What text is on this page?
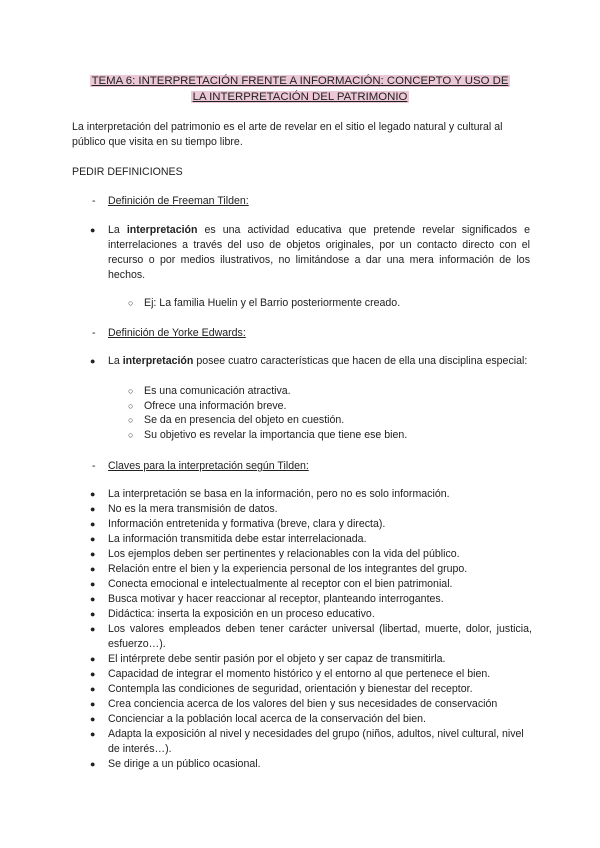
TEMA 6: INTERPRETACIÓN FRENTE A INFORMACIÓN: CONCEPTO Y USO DE
LA INTERPRETACIÓN DEL PATRIMONIO
La interpretación del patrimonio es el arte de revelar en el sitio el legado natural y cultural al público que visita en su tiempo libre.
PEDIR DEFINICIONES
- Definición de Freeman Tilden:
● La interpretación es una actividad educativa que pretende revelar significados e interrelaciones a través del uso de objetos originales, por un contacto directo con el recurso o por medios ilustrativos, no limitándose a dar una mera información de los hechos.
○ Ej: La familia Huelin y el Barrio posteriormente creado.
- Definición de Yorke Edwards:
● La interpretación posee cuatro características que hacen de ella una disciplina especial:
○ Es una comunicación atractiva.
○ Ofrece una información breve.
○ Se da en presencia del objeto en cuestión.
○ Su objetivo es revelar la importancia que tiene ese bien.
- Claves para la interpretación según Tilden:
● La interpretación se basa en la información, pero no es solo información.
● No es la mera transmisión de datos.
● Información entretenida y formativa (breve, clara y directa).
● La información transmitida debe estar interrelacionada.
● Los ejemplos deben ser pertinentes y relacionables con la vida del público.
● Relación entre el bien y la experiencia personal de los integrantes del grupo.
● Conecta emocional e intelectualmente al receptor con el bien patrimonial.
● Busca motivar y hacer reaccionar al receptor, planteando interrogantes.
● Didáctica: inserta la exposición en un proceso educativo.
● Los valores empleados deben tener carácter universal (libertad, muerte, dolor, justicia, esfuerzo…).
● El intérprete debe sentir pasión por el objeto y ser capaz de transmitirla.
● Capacidad de integrar el momento histórico y el entorno al que pertenece el bien.
● Contempla las condiciones de seguridad, orientación y bienestar del receptor.
● Crea conciencia acerca de los valores del bien y sus necesidades de conservación
● Concienciar a la población local acerca de la conservación del bien.
● Adapta la exposición al nivel y necesidades del grupo (niños, adultos, nivel cultural, nivel de interés…).
● Se dirige a un público ocasional.
